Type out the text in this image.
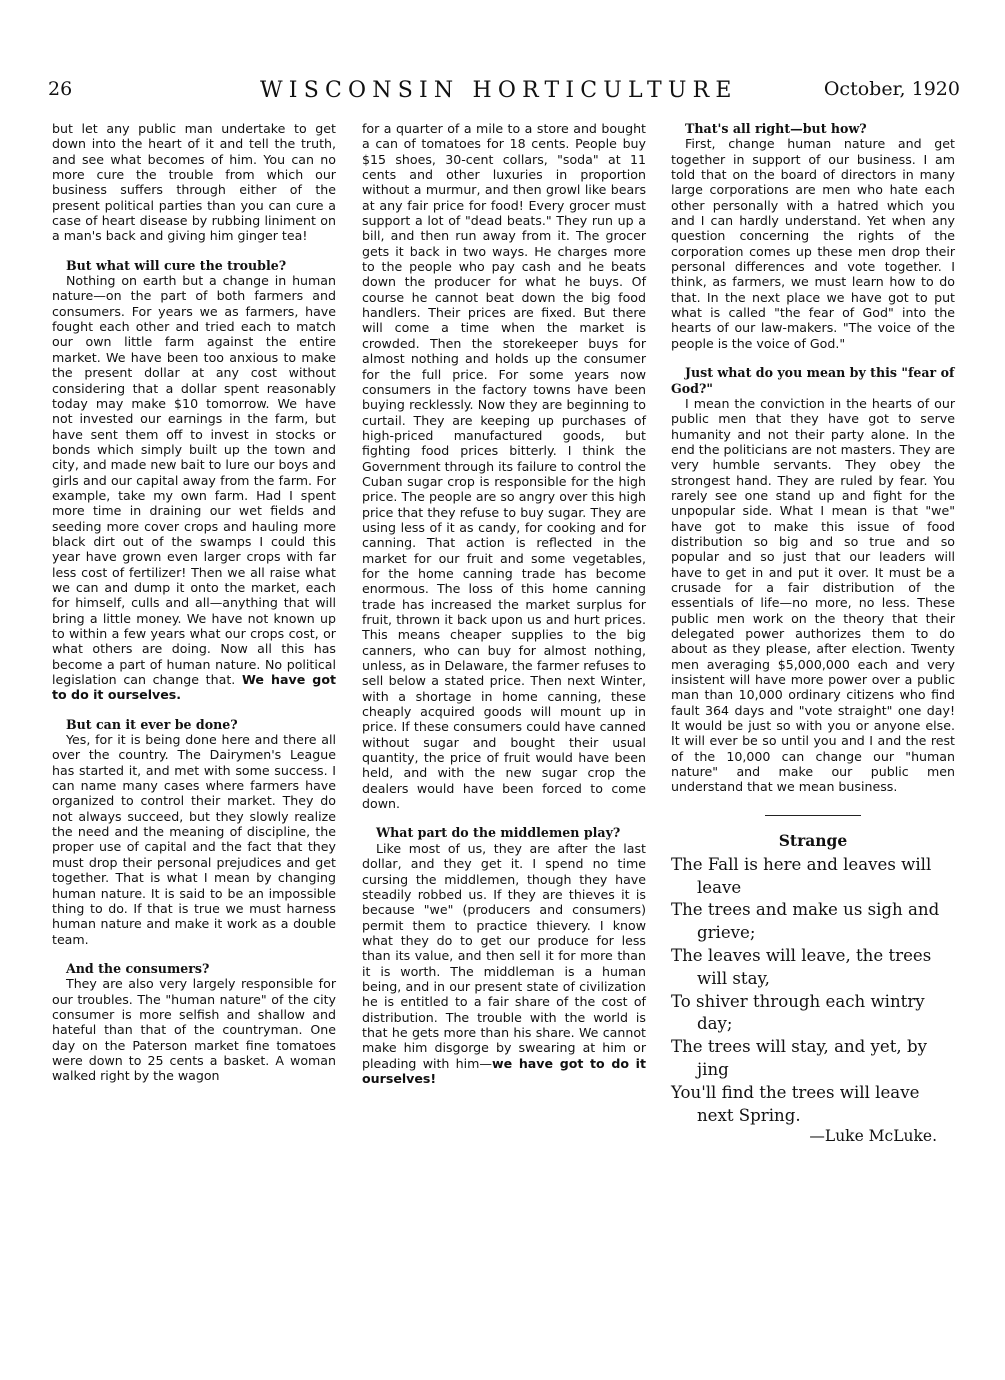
26	WISCONSIN HORTICULTURE	October, 1920

but let any public man undertake to get down into the heart of it and tell the truth, and see what becomes of him. You can no more cure the trouble from which our business suffers through either of the present political parties than you can cure a case of heart disease by rubbing liniment on a man's back and giving him ginger tea!

But what will cure the trouble?

Nothing on earth but a change in human nature—on the part of both farmers and consumers. For years we as farmers, have fought each other and tried each to match our own little farm against the entire market. We have been too anxious to make the present dollar at any cost without considering that a dollar spent reasonably today may make $10 tomorrow. We have not invested our earnings in the farm, but have sent them off to invest in stocks or bonds which simply built up the town and city, and made new bait to lure our boys and girls and our capital away from the farm. For example, take my own farm. Had I spent more time in draining our wet fields and seeding more cover crops and hauling more black dirt out of the swamps I could this year have grown even larger crops with far less cost of fertilizer! Then we all raise what we can and dump it onto the market, each for himself, culls and all—anything that will bring a little money. We have not known up to within a few years what our crops cost, or what others are doing. Now all this has become a part of human nature. No political legislation can change that. We have got to do it ourselves.

But can it ever be done?

Yes, for it is being done here and there all over the country. The Dairymen's League has started it, and met with some success. I can name many cases where farmers have organized to control their market. They do not always succeed, but they slowly realize the need and the meaning of discipline, the proper use of capital and the fact that they must drop their personal prejudices and get together. That is what I mean by changing human nature. It is said to be an impossible thing to do. If that is true we must harness human nature and make it work as a double team.

And the consumers?

They are also very largely responsible for our troubles. The "human nature" of the city consumer is more selfish and shallow and hateful than that of the countryman. One day on the Paterson market fine tomatoes were down to 25 cents a basket. A woman walked right by the wagon

for a quarter of a mile to a store and bought a can of tomatoes for 18 cents. People buy $15 shoes, 30-cent collars, "soda" at 11 cents and other luxuries in proportion without a murmur, and then growl like bears at any fair price for food! Every grocer must support a lot of "dead beats." They run up a bill, and then run away from it. The grocer gets it back in two ways. He charges more to the people who pay cash and he beats down the producer for what he buys. Of course he cannot beat down the big food handlers. Their prices are fixed. But there will come a time when the market is crowded. Then the storekeeper buys for almost nothing and holds up the consumer for the full price. For some years now consumers in the factory towns have been buying recklessly. Now they are beginning to curtail. They are keeping up purchases of high-priced manufactured goods, but fighting food prices bitterly. I think the Government through its failure to control the Cuban sugar crop is responsible for the high price. The people are so angry over this high price that they refuse to buy sugar. They are using less of it as candy, for cooking and for canning. That action is reflected in the market for our fruit and some vegetables, for the home canning trade has become enormous. The loss of this home canning trade has increased the market surplus for fruit, thrown it back upon us and hurt prices. This means cheaper supplies to the big canners, who can buy for almost nothing, unless, as in Delaware, the farmer refuses to sell below a stated price. Then next Winter, with a shortage in home canning, these cheaply acquired goods will mount up in price. If these consumers could have canned without sugar and bought their usual quantity, the price of fruit would have been held, and with the new sugar crop the dealers would have been forced to come down.

What part do the middlemen play?

Like most of us, they are after the last dollar, and they get it. I spend no time cursing the middlemen, though they have steadily robbed us. If they are thieves it is because "we" (producers and consumers) permit them to practice thievery. I know what they do to get our produce for less than its value, and then sell it for more than it is worth. The middleman is a human being, and in our present state of civilization he is entitled to a fair share of the cost of distribution. The trouble with the world is that he gets more than his share. We cannot make him disgorge by swearing at him or pleading with him—we have got to do it ourselves!

That's all right—but how?

First, change human nature and get together in support of our business. I am told that on the board of directors in many large corporations are men who hate each other personally with a hatred which you and I can hardly understand. Yet when any question concerning the rights of the corporation comes up these men drop their personal differences and vote together. I think, as farmers, we must learn how to do that. In the next place we have got to put what is called "the fear of God" into the hearts of our law-makers. "The voice of the people is the voice of God."

Just what do you mean by this "fear of God?"

I mean the conviction in the hearts of our public men that they have got to serve humanity and not their party alone. In the end the politicians are not masters. They are very humble servants. They obey the strongest hand. They are ruled by fear. You rarely see one stand up and fight for the unpopular side. What I mean is that "we" have got to make this issue of food distribution so big and so true and so popular and so just that our leaders will have to get in and put it over. It must be a crusade for a fair distribution of the essentials of life—no more, no less. These public men work on the theory that their delegated power authorizes them to do about as they please, after election. Twenty men averaging $5,000,000 each and very insistent will have more power over a public man than 10,000 ordinary citizens who find fault 364 days and "vote straight" one day! It would be just so with you or anyone else. It will ever be so until you and I and the rest of the 10,000 can change our "human nature" and make our public men understand that we mean business.

Strange
The Fall is here and leaves will leave
The trees and make us sigh and grieve;
The leaves will leave, the trees will stay,
To shiver through each wintry day;
The trees will stay, and yet, by jing
You'll find the trees will leave next Spring.
—Luke McLuke.
